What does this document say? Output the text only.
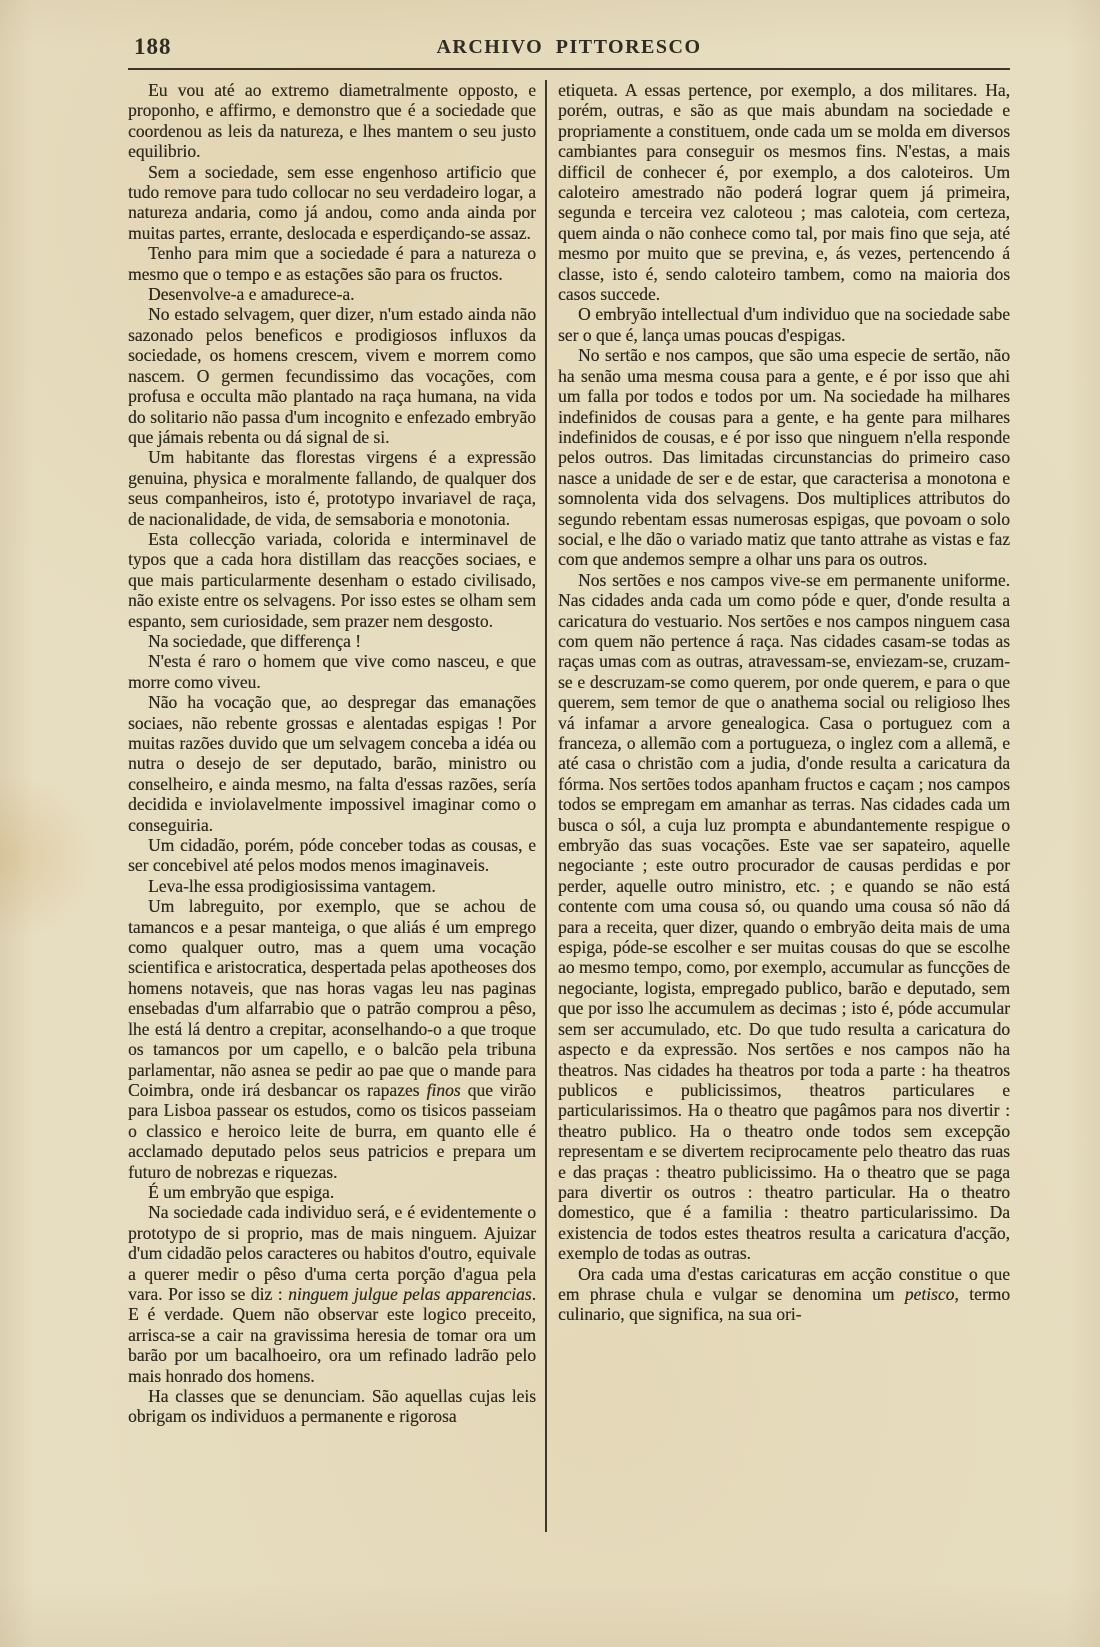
188	ARCHIVO PITTORESCO

Eu vou até ao extremo diametralmente opposto, e proponho, e affirmo, e demonstro que é a sociedade que coordenou as leis da natureza, e lhes mantem o seu justo equilibrio.

Sem a sociedade, sem esse engenhoso artificio que tudo remove para tudo collocar no seu verdadeiro logar, a natureza andaria, como já andou, como anda ainda por muitas partes, errante, deslocada e esperdiçando-se assaz.

Tenho para mim que a sociedade é para a natureza o mesmo que o tempo e as estações são para os fructos.

Desenvolve-a e amadurece-a.

No estado selvagem, quer dizer, n'um estado ainda não sazonado pelos beneficos e prodigiosos influxos da sociedade, os homens crescem, vivem e morrem como nascem. O germen fecundissimo das vocações, com profusa e occulta mão plantado na raça humana, na vida do solitario não passa d'um incognito e enfezado embryão que jámais rebenta ou dá signal de si.

Um habitante das florestas virgens é a expressão genuina, physica e moralmente fallando, de qualquer dos seus companheiros, isto é, prototypo invariavel de raça, de nacionalidade, de vida, de semsaboria e monotonia.

Esta collecção variada, colorida e interminavel de typos que a cada hora distillam das reacções sociaes, e que mais particularmente desenham o estado civilisado, não existe entre os selvagens. Por isso estes se olham sem espanto, sem curiosidade, sem prazer nem desgosto.

Na sociedade, que differença !

N'esta é raro o homem que vive como nasceu, e que morre como viveu.

Não ha vocação que, ao despregar das emanações sociaes, não rebente grossas e alentadas espigas ! Por muitas razões duvido que um selvagem conceba a idéa ou nutra o desejo de ser deputado, barão, ministro ou conselheiro, e ainda mesmo, na falta d'essas razões, sería decidida e inviolavelmente impossivel imaginar como o conseguiria.

Um cidadão, porém, póde conceber todas as cousas, e ser concebivel até pelos modos menos imaginaveis.

Leva-lhe essa prodigiosissima vantagem.

Um labreguito, por exemplo, que se achou de tamancos e a pesar manteiga, o que aliás é um emprego como qualquer outro, mas a quem uma vocação scientifica e aristocratica, despertada pelas apotheoses dos homens notaveis, que nas horas vagas leu nas paginas ensebadas d'um alfarrabio que o patrão comprou a pêso, lhe está lá dentro a crepitar, aconselhando-o a que troque os tamancos por um capello, e o balcão pela tribuna parlamentar, não asnea se pedir ao pae que o mande para Coimbra, onde irá desbancar os rapazes finos que virão para Lisboa passear os estudos, como os tisicos passeiam o classico e heroico leite de burra, em quanto elle é acclamado deputado pelos seus patricios e prepara um futuro de nobrezas e riquezas.

É um embryão que espiga.

Na sociedade cada individuo será, e é evidentemente o prototypo de si proprio, mas de mais ninguem. Ajuizar d'um cidadão pelos caracteres ou habitos d'outro, equivale a querer medir o pêso d'uma certa porção d'agua pela vara. Por isso se diz : ninguem julgue pelas apparencias. E é verdade. Quem não observar este logico preceito, arrisca-se a cair na gravissima heresia de tomar ora um barão por um bacalhoeiro, ora um refinado ladrão pelo mais honrado dos homens.

Ha classes que se denunciam. São aquellas cujas leis obrigam os individuos a permanente e rigorosa

etiqueta. A essas pertence, por exemplo, a dos militares. Ha, porém, outras, e são as que mais abundam na sociedade e propriamente a constituem, onde cada um se molda em diversos cambiantes para conseguir os mesmos fins. N'estas, a mais difficil de conhecer é, por exemplo, a dos caloteiros. Um caloteiro amestrado não poderá lograr quem já primeira, segunda e terceira vez caloteou ; mas caloteia, com certeza, quem ainda o não conhece como tal, por mais fino que seja, até mesmo por muito que se previna, e, ás vezes, pertencendo á classe, isto é, sendo caloteiro tambem, como na maioria dos casos succede.

O embryão intellectual d'um individuo que na sociedade sabe ser o que é, lança umas poucas d'espigas.

No sertão e nos campos, que são uma especie de sertão, não ha senão uma mesma cousa para a gente, e é por isso que ahi um falla por todos e todos por um. Na sociedade ha milhares indefinidos de cousas para a gente, e ha gente para milhares indefinidos de cousas, e é por isso que ninguem n'ella responde pelos outros. Das limitadas circunstancias do primeiro caso nasce a unidade de ser e de estar, que caracterisa a monotona e somnolenta vida dos selvagens. Dos multiplices attributos do segundo rebentam essas numerosas espigas, que povoam o solo social, e lhe dão o variado matiz que tanto attrahe as vistas e faz com que andemos sempre a olhar uns para os outros.

Nos sertões e nos campos vive-se em permanente uniforme. Nas cidades anda cada um como póde e quer, d'onde resulta a caricatura do vestuario. Nos sertões e nos campos ninguem casa com quem não pertence á raça. Nas cidades casam-se todas as raças umas com as outras, atravessam-se, enviezam-se, cruzam-se e descruzam-se como querem, por onde querem, e para o que querem, sem temor de que o anathema social ou religioso lhes vá infamar a arvore genealogica. Casa o portuguez com a franceza, o allemão com a portugueza, o inglez com a allemã, e até casa o christão com a judia, d'onde resulta a caricatura da fórma. Nos sertões todos apanham fructos e caçam ; nos campos todos se empregam em amanhar as terras. Nas cidades cada um busca o sól, a cuja luz prompta e abundantemente respigue o embryão das suas vocações. Este vae ser sapateiro, aquelle negociante ; este outro procurador de causas perdidas e por perder, aquelle outro ministro, etc. ; e quando se não está contente com uma cousa só, ou quando uma cousa só não dá para a receita, quer dizer, quando o embryão deita mais de uma espiga, póde-se escolher e ser muitas cousas do que se escolhe ao mesmo tempo, como, por exemplo, accumular as funcções de negociante, logista, empregado publico, barão e deputado, sem que por isso lhe accumulem as decimas ; isto é, póde accumular sem ser accumulado, etc. Do que tudo resulta a caricatura do aspecto e da expressão. Nos sertões e nos campos não ha theatros. Nas cidades ha theatros por toda a parte : ha theatros publicos e publicissimos, theatros particulares e particularissimos. Ha o theatro que pagâmos para nos divertir : theatro publico. Ha o theatro onde todos sem excepção representam e se divertem reciprocamente pelo theatro das ruas e das praças : theatro publicissimo. Ha o theatro que se paga para divertir os outros : theatro particular. Ha o theatro domestico, que é a familia : theatro particularissimo. Da existencia de todos estes theatros resulta a caricatura d'acção, exemplo de todas as outras.

Ora cada uma d'estas caricaturas em acção constitue o que em phrase chula e vulgar se denomina um petisco, termo culinario, que significa, na sua ori-
